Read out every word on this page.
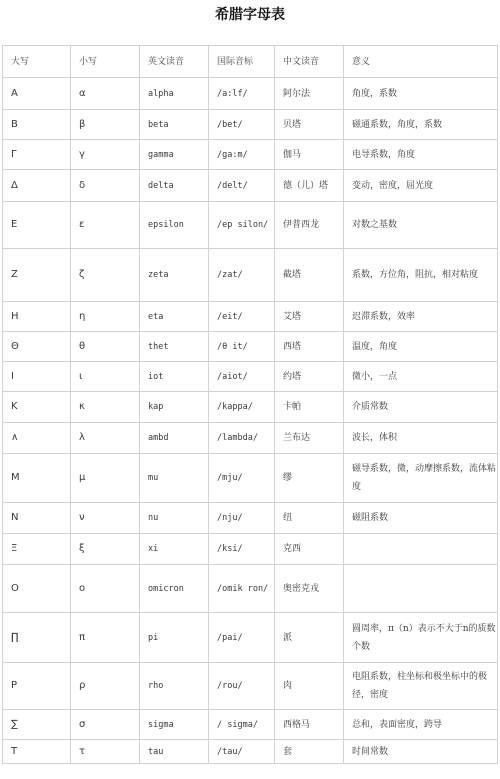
希腊字母表
大写	小写	英文读音	国际音标	中文读音	意义
A	α	alpha	/a:lf/	阿尔法	角度，系数
B	β	beta	/bet/	贝塔	磁通系数，角度，系数
Γ	γ	gamma	/ga:m/	伽马	电导系数，角度
Δ	δ	delta	/delt/	德（儿）塔	变动，密度，屈光度
E	ε	epsilon	/ep silon/	伊普西龙	对数之基数
Z	ζ	zeta	/zat/	截塔	系数，方位角，阻抗，相对粘度
H	η	eta	/eit/	艾塔	迟滞系数，效率
Θ	θ	thet	/θ it/	西塔	温度，角度
I	ι	iot	/aiot/	约塔	微小，一点
K	κ	kap	/kappa/	卡帕	介质常数
∧	λ	ambd	/lambda/	兰布达	波长，体积
M	μ	mu	/mju/	缪	磁导系数，微，动摩擦系数，流体粘度
N	ν	nu	/nju/	纽	磁阻系数
Ξ	ξ	xi	/ksi/	克西	
O	ο	omicron	/omik ron/	奥密克戎	
∏	π	pi	/pai/	派	圆周率，π（n）表示不大于n的质数个数
P	ρ	rho	/rou/	肉	电阻系数，柱坐标和极坐标中的极径，密度
∑	σ	sigma	/ sigma/	西格马	总和，表面密度，跨导
T	τ	tau	/tau/	套	时间常数
